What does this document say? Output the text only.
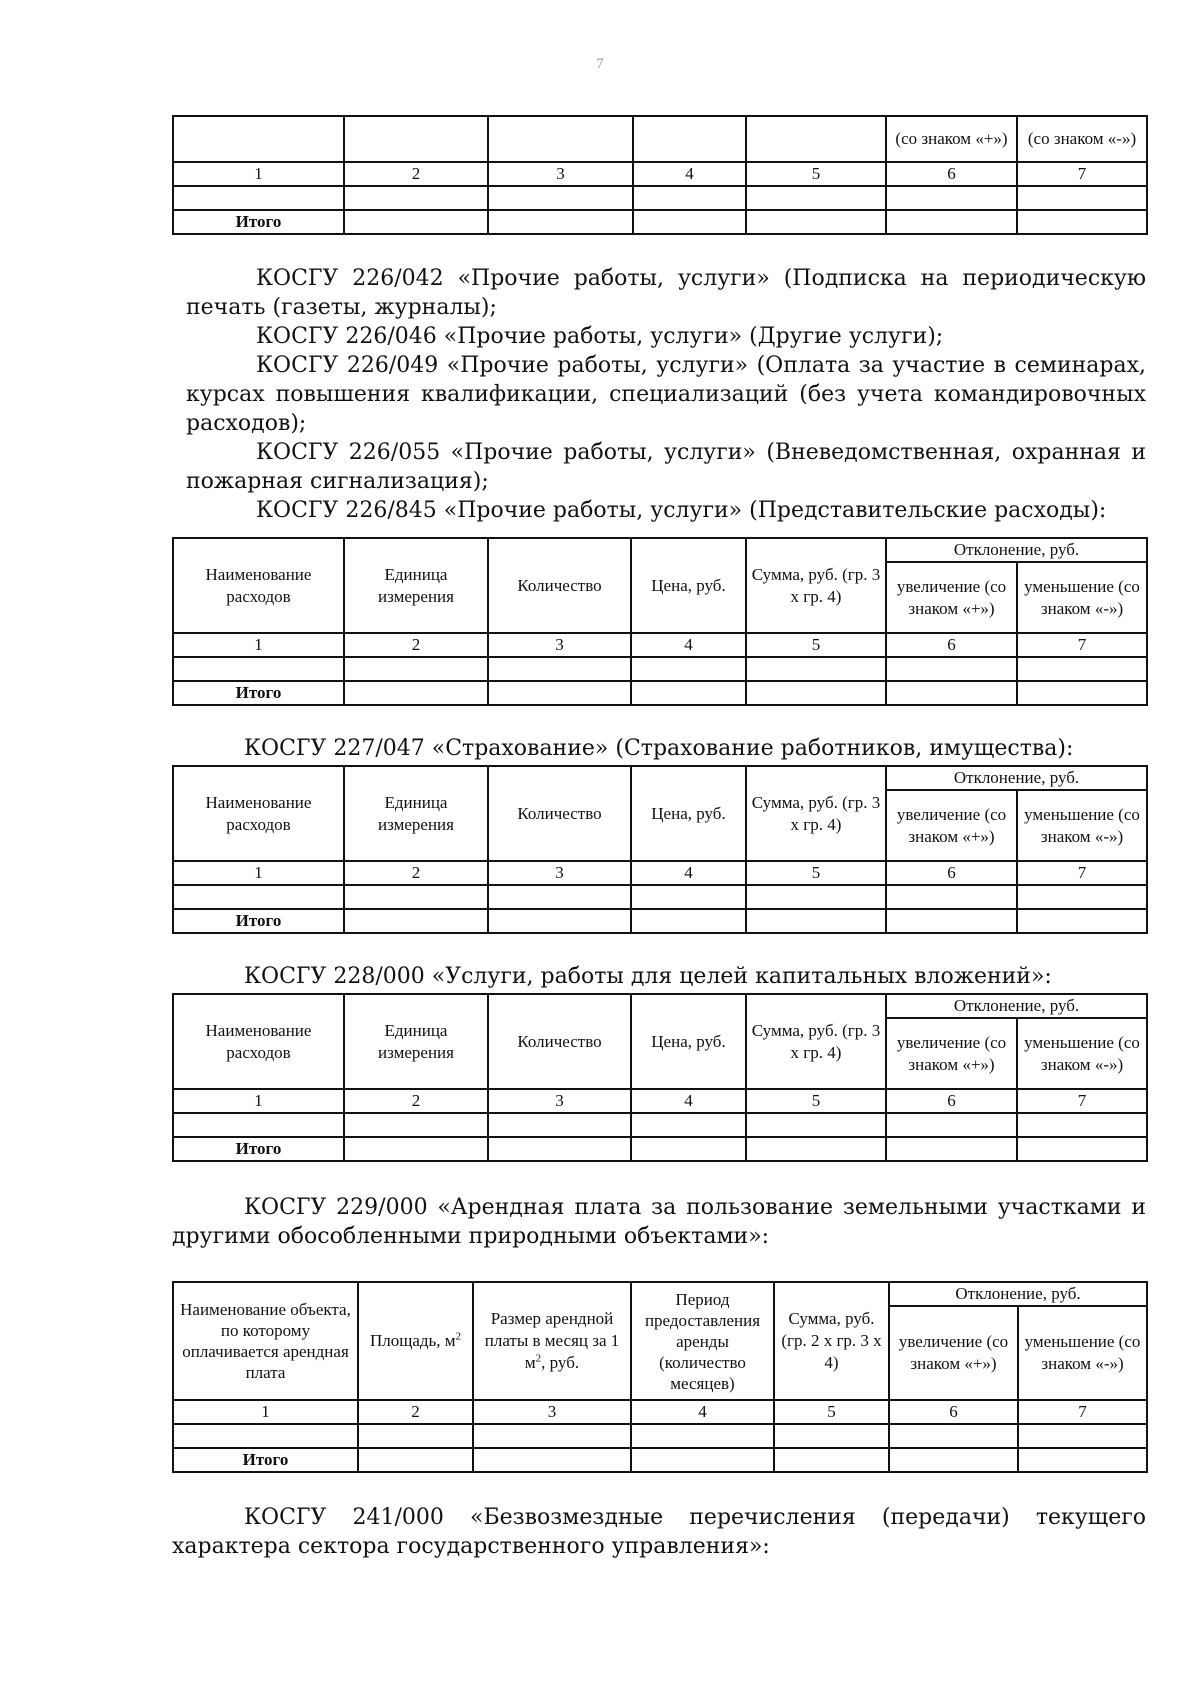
7
					(со знаком «+»)	(со знаком «-»)
1	2	3	4	5	6	7

Итого						

КОСГУ 226/042 «Прочие работы, услуги» (Подписка на периодическую печать (газеты, журналы);

КОСГУ 226/046 «Прочие работы, услуги» (Другие услуги);

КОСГУ 226/049 «Прочие работы, услуги» (Оплата за участие в семинарах, курсах повышения квалификации, специализаций (без учета командировочных расходов);

КОСГУ 226/055 «Прочие работы, услуги» (Вневедомственная, охранная и пожарная сигнализация);

КОСГУ 226/845 «Прочие работы, услуги» (Представительские расходы):

Наименование расходов	Единица измерения	Количество	Цена, руб.	Сумма, руб. (гр. 3 х гр. 4)	Отклонение, руб.	
					увеличение (со знаком «+»)	уменьшение (со знаком «-»)
1	2	3	4	5	6	7

Итого						

КОСГУ 227/047 «Страхование» (Страхование работников, имущества):

Наименование расходов	Единица измерения	Количество	Цена, руб.	Сумма, руб. (гр. 3 х гр. 4)	Отклонение, руб.	
					увеличение (со знаком «+»)	уменьшение (со знаком «-»)
1	2	3	4	5	6	7

Итого						

КОСГУ 228/000 «Услуги, работы для целей капитальных вложений»:

Наименование расходов	Единица измерения	Количество	Цена, руб.	Сумма, руб. (гр. 3 х гр. 4)	Отклонение, руб.	
					увеличение (со знаком «+»)	уменьшение (со знаком «-»)
1	2	3	4	5	6	7

Итого						

КОСГУ 229/000 «Арендная плата за пользование земельными участками и другими обособленными природными объектами»:

Наименование объекта, по которому оплачивается арендная плата	Площадь, $м^2$	Размер арендной платы в месяц за 1 $м^2$, руб.	Период предоставления аренды (количество месяцев)	Сумма, руб. (гр. 2 х гр. 3 х 4)	Отклонение, руб.	
					увеличение (со знаком «+»)	уменьшение (со знаком «-»)
1	2	3	4	5	6	7

Итого						

КОСГУ 241/000 «Безвозмездные перечисления (передачи) текущего характера сектора государственного управления»:
